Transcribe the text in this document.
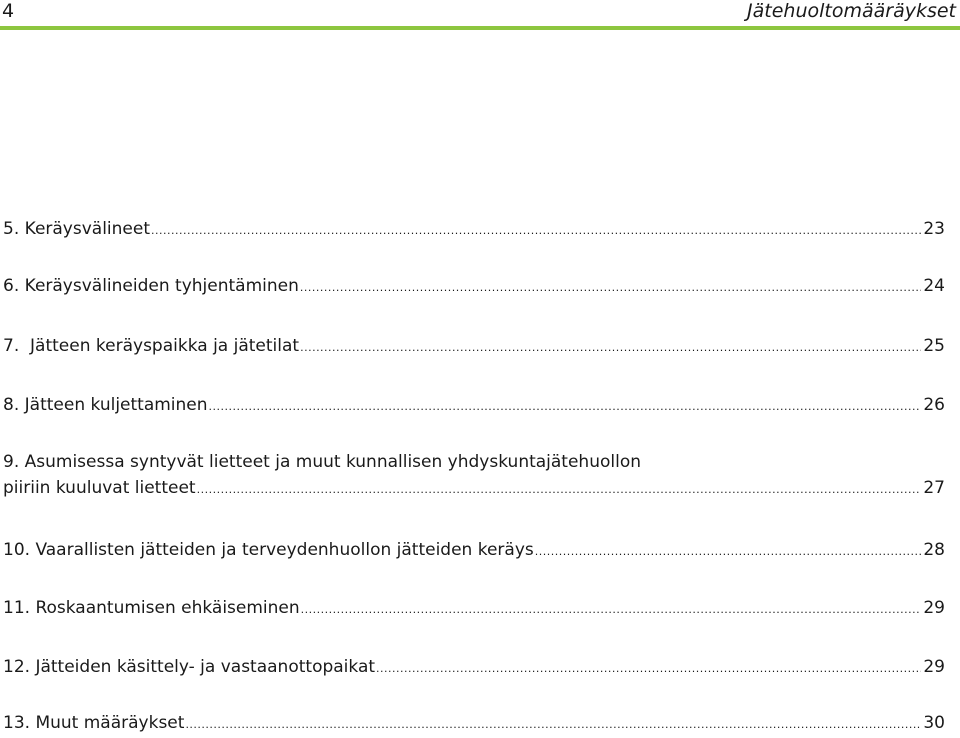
4	Jätehuoltomääräykset
5. Keräysvälineet .....	23
6. Keräysvälineiden tyhjentäminen .....	24
7. Jätteen keräyspaikka ja jätetilat .....	25
8. Jätteen kuljettaminen .....	26
9. Asumisessa syntyvät lietteet ja muut kunnallisen yhdyskuntajätehuollon
piiriin kuuluvat lietteet .....	27
10. Vaarallisten jätteiden ja terveydenhuollon jätteiden keräys .....	28
11. Roskaantumisen ehkäiseminen .....	29
12. Jätteiden käsittely- ja vastaanottopaikat .....	29
13. Muut määräykset .....	30
